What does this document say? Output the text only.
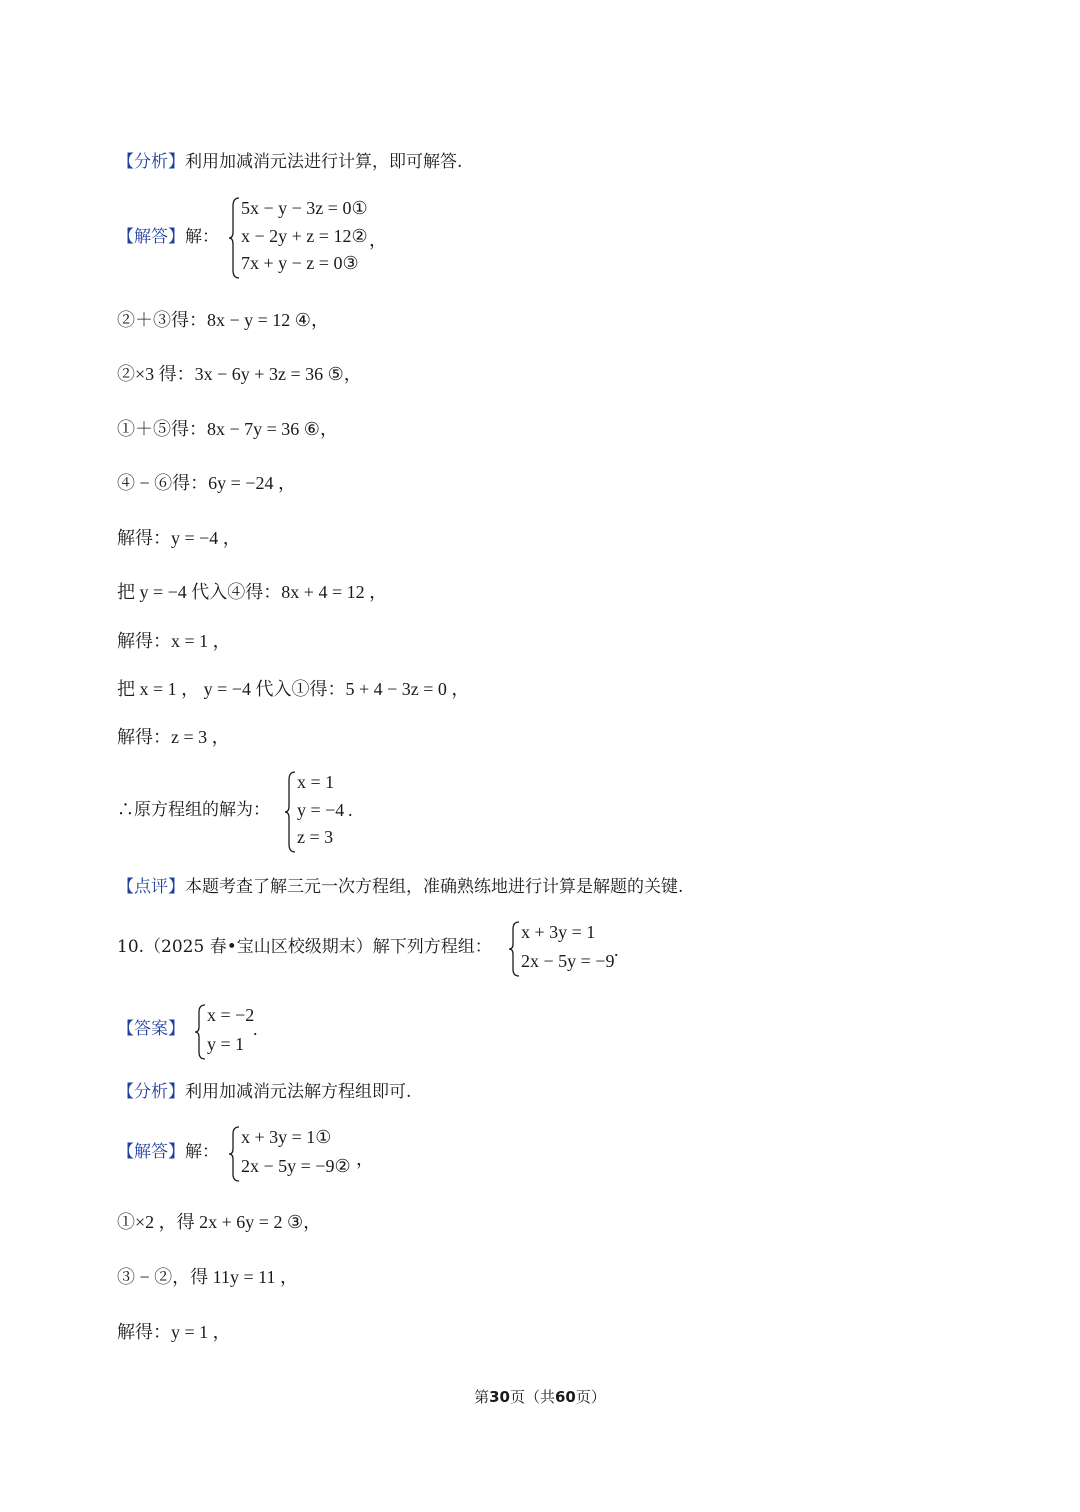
【分析】利用加减消元法进行计算，即可解答.
【解答】解：
5x − y − 3z = 0①
x − 2y + z = 12②
7x + y − z = 0③
，
②＋③得：8x − y = 12 ④，
②×3 得：3x − 6y + 3z = 36 ⑤，
①＋⑤得：8x − 7y = 36 ⑥，
④ − ⑥得：6y = −24 ，
解得：y = −4 ，
把 y = −4 代入④得：8x + 4 = 12 ，
解得：x = 1 ，
把 x = 1 ， y = −4 代入①得：5 + 4 − 3z = 0 ，
解得：z = 3 ，
∴原方程组的解为：
x = 1
y = −4
z = 3
.
【点评】本题考查了解三元一次方程组，准确熟练地进行计算是解题的关键.
10.（2025 春•宝山区校级期末）解下列方程组：
x + 3y = 1
2x − 5y = −9
.
【答案】
x = −2
y = 1
.
【分析】利用加减消元法解方程组即可.
【解答】解：
x + 3y = 1①
2x − 5y = −9② ，
①×2 ，得 2x + 6y = 2 ③，
③ − ②，得 11y = 11 ，
解得：y = 1 ，
第30页（共60页）
